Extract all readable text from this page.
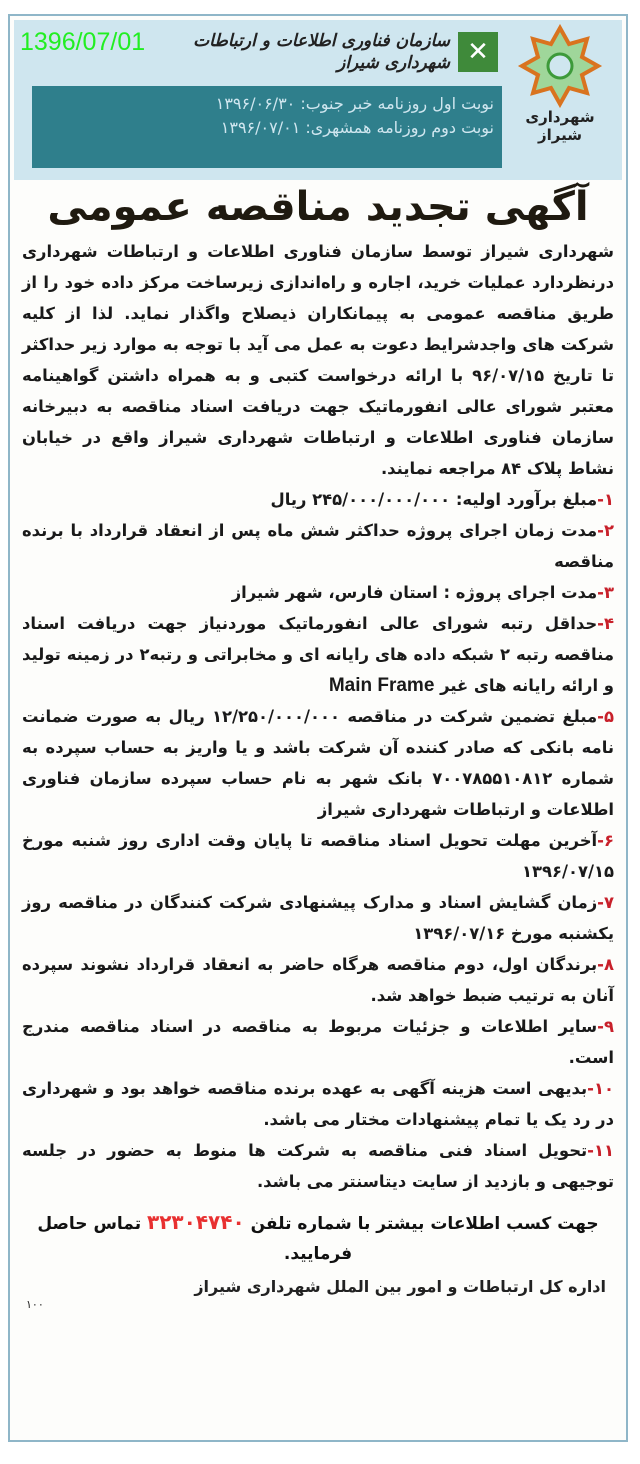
شهرداری شیراز
✕
سازمان فناوری اطلاعات و ارتباطات شهرداری شیراز
1396/07/01
نوبت اول روزنامه خبر جنوب: ۱۳۹۶/۰۶/۳۰
نوبت دوم روزنامه همشهری: ۱۳۹۶/۰۷/۰۱
آگهی تجدید مناقصه عمومی

شهرداری شیراز توسط سازمان فناوری اطلاعات و ارتباطات شهرداری درنظردارد عملیات خرید، اجاره و راه‌اندازی زیرساخت مرکز داده خود را از طریق مناقصه عمومی به پیمانکاران ذیصلاح واگذار نماید. لذا از کلیه شرکت های واجدشرایط دعوت به عمل می آید با توجه به موارد زیر حداکثر تا تاریخ ۹۶/۰۷/۱۵ با ارائه درخواست کتبی و به همراه داشتن گواهینامه معتبر شورای عالی انفورماتیک جهت دریافت اسناد مناقصه به دبیرخانه سازمان فناوری اطلاعات و ارتباطات شهرداری شیراز واقع در خیابان نشاط پلاک ۸۴ مراجعه نمایند.

۱-مبلغ برآورد اولیه: ۲۴۵/۰۰۰/۰۰۰/۰۰۰ ریال

۲-مدت زمان اجرای پروژه حداکثر شش ماه پس از انعقاد قرارداد با برنده مناقصه

۳-مدت اجرای پروژه : استان فارس، شهر شیراز

۴-حداقل رتبه شورای عالی انفورماتیک موردنیاز جهت دریافت اسناد مناقصه رتبه ۲ شبکه داده های رایانه ای و مخابراتی و رتبه۲ در زمینه تولید و ارائه رایانه های غیر Main Frame

۵-مبلغ تضمین شرکت در مناقصه ۱۲/۲۵۰/۰۰۰/۰۰۰ ریال به صورت ضمانت نامه بانکی که صادر کننده آن شرکت باشد و یا واریز به حساب سپرده به شماره ۷۰۰۷۸۵۵۱۰۸۱۲ بانک شهر به نام حساب سپرده سازمان فناوری اطلاعات و ارتباطات شهرداری شیراز

۶-آخرین مهلت تحویل اسناد مناقصه تا پایان وقت اداری روز شنبه مورخ ۱۳۹۶/۰۷/۱۵

۷-زمان گشایش اسناد و مدارک پیشنهادی شرکت کنندگان در مناقصه روز یکشنبه مورخ ۱۳۹۶/۰۷/۱۶

۸-برندگان اول، دوم مناقصه هرگاه حاضر به انعقاد قرارداد نشوند سپرده آنان به ترتیب ضبط خواهد شد.

۹-سایر اطلاعات و جزئیات مربوط به مناقصه در اسناد مناقصه مندرج است.

۱۰-بدیهی است هزینه آگهی به عهده برنده مناقصه خواهد بود و شهرداری در رد یک یا تمام پیشنهادات مختار می باشد.

۱۱-تحویل اسناد فنی مناقصه به شرکت ها منوط به حضور در جلسه توجیهی و بازدید از سایت دیتاسنتر می باشد.

جهت کسب اطلاعات بیشتر با شماره تلفن ۳۲۳۰۴۷۴۰ تماس حاصل فرمایید.
اداره کل ارتباطات و امور بین الملل شهرداری شیراز
۱۰۰
